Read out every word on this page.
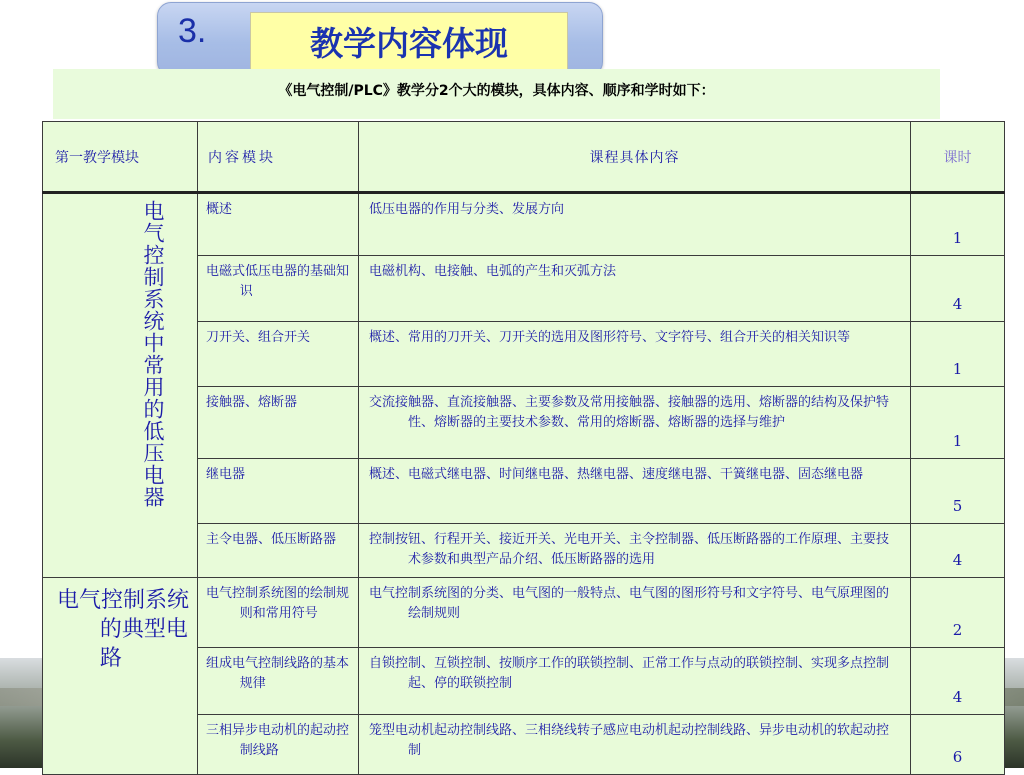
3.	教学内容体现
《电气控制/PLC》教学分2个大的模块，具体内容、顺序和学时如下：
第一教学模块	内容模块	课程具体内容	课时

电气控制系统中常用的低压电器	概述	低压电器的作用与分类、发展方向	1

	电磁式低压电器的基础知识	电磁机构、电接触、电弧的产生和灭弧方法	4

	刀开关、组合开关	概述、常用的刀开关、刀开关的选用及图形符号、文字符号、组合开关的相关知识等	1

	接触器、熔断器	交流接触器、直流接触器、主要参数及常用接触器、接触器的选用、熔断器的结构及保护特性、熔断器的主要技术参数、常用的熔断器、熔断器的选择与维护	1

	继电器	概述、电磁式继电器、时间继电器、热继电器、速度继电器、干簧继电器、固态继电器	5

	主令电器、低压断路器	控制按钮、行程开关、接近开关、光电开关、主令控制器、低压断路器的工作原理、主要技术参数和典型产品介绍、低压断路器的选用	4

电气控制系统的典型电路	电气控制系统图的绘制规则和常用符号	电气控制系统图的分类、电气图的一般特点、电气图的图形符号和文字符号、电气原理图的绘制规则	2

	组成电气控制线路的基本规律	自锁控制、互锁控制、按顺序工作的联锁控制、正常工作与点动的联锁控制、实现多点控制起、停的联锁控制	4

	三相异步电动机的起动控制线路	笼型电动机起动控制线路、三相绕线转子感应电动机起动控制线路、异步电动机的软起动控制	6
